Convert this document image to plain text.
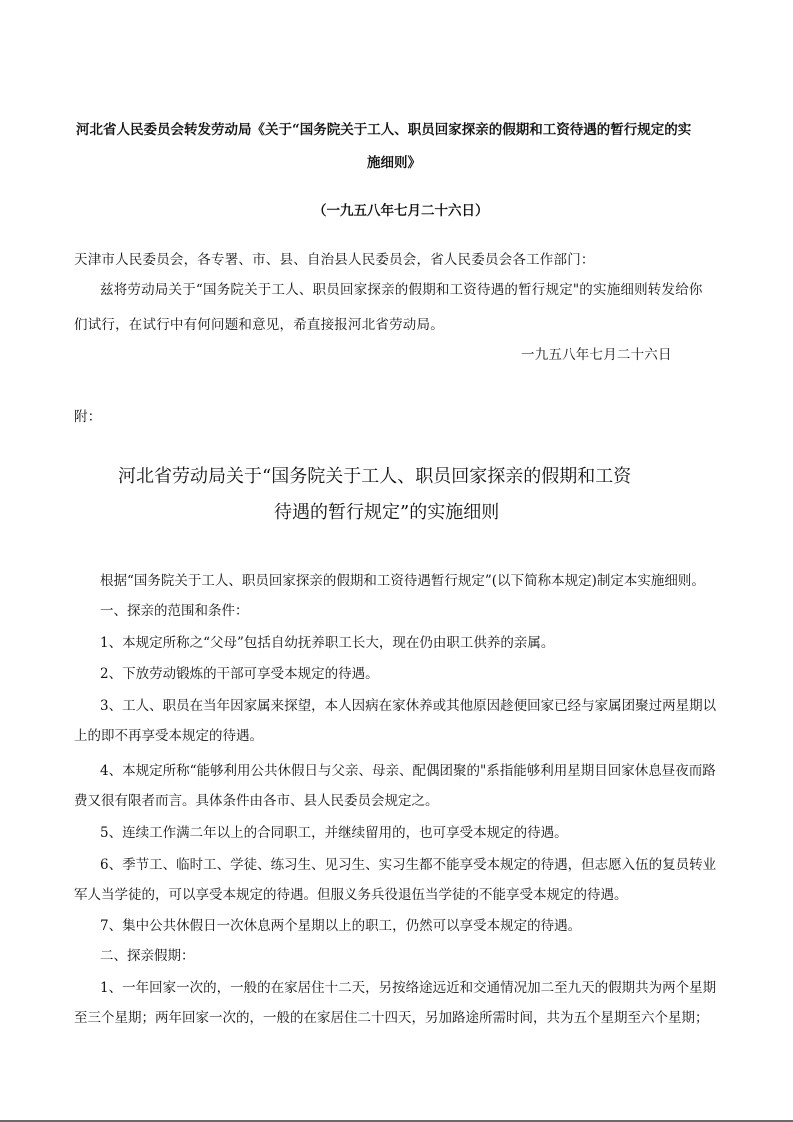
河北省人民委员会转发劳动局《关于“国务院关于工人、职员回家探亲的假期和工资待遇的暂行规定的实
施细则》
（一九五八年七月二十六日）
天津市人民委员会，各专署、市、县、自治县人民委员会，省人民委员会各工作部门：
兹将劳动局关于“国务院关于工人、职员回家探亲的假期和工资待遇的暂行规定"的实施细则转发给你
们试行，在试行中有何问题和意见，希直接报河北省劳动局。
一九五八年七月二十六日
附：
河北省劳动局关于“国务院关于工人、职员回家探亲的假期和工资
待遇的暂行规定”的实施细则
根据“国务院关于工人、职员回家探亲的假期和工资待遇暂行规定”(以下简称本规定)制定本实施细则。
一、探亲的范围和条件：
1、本规定所称之“父母”包括自幼抚养职工长大，现在仍由职工供养的亲属。
2、下放劳动锻炼的干部可享受本规定的待遇。
3、工人、职员在当年因家属来探望，本人因病在家休养或其他原因趁便回家已经与家属团聚过两星期以上的即不再享受本规定的待遇。
4、本规定所称“能够利用公共休假日与父亲、母亲、配偶团聚的"系指能够利用星期目回家休息昼夜而路费又很有限者而言。具体条件由各市、县人民委员会规定之。
5、连续工作满二年以上的合同职工，并继续留用的，也可享受本规定的待遇。
6、季节工、临时工、学徒、练习生、见习生、实习生都不能享受本规定的待遇，但志愿入伍的复员转业军人当学徒的，可以享受本规定的待遇。但服义务兵役退伍当学徒的不能享受本规定的待遇。
7、集中公共休假日一次休息两个星期以上的职工，仍然可以享受本规定的待遇。
二、探亲假期：
1、一年回家一次的，一般的在家居住十二天，另按络途远近和交通情况加二至九天的假期共为两个星期至三个星期；两年回家一次的，一般的在家居住二十四天，另加路途所需时间，共为五个星期至六个星期；
